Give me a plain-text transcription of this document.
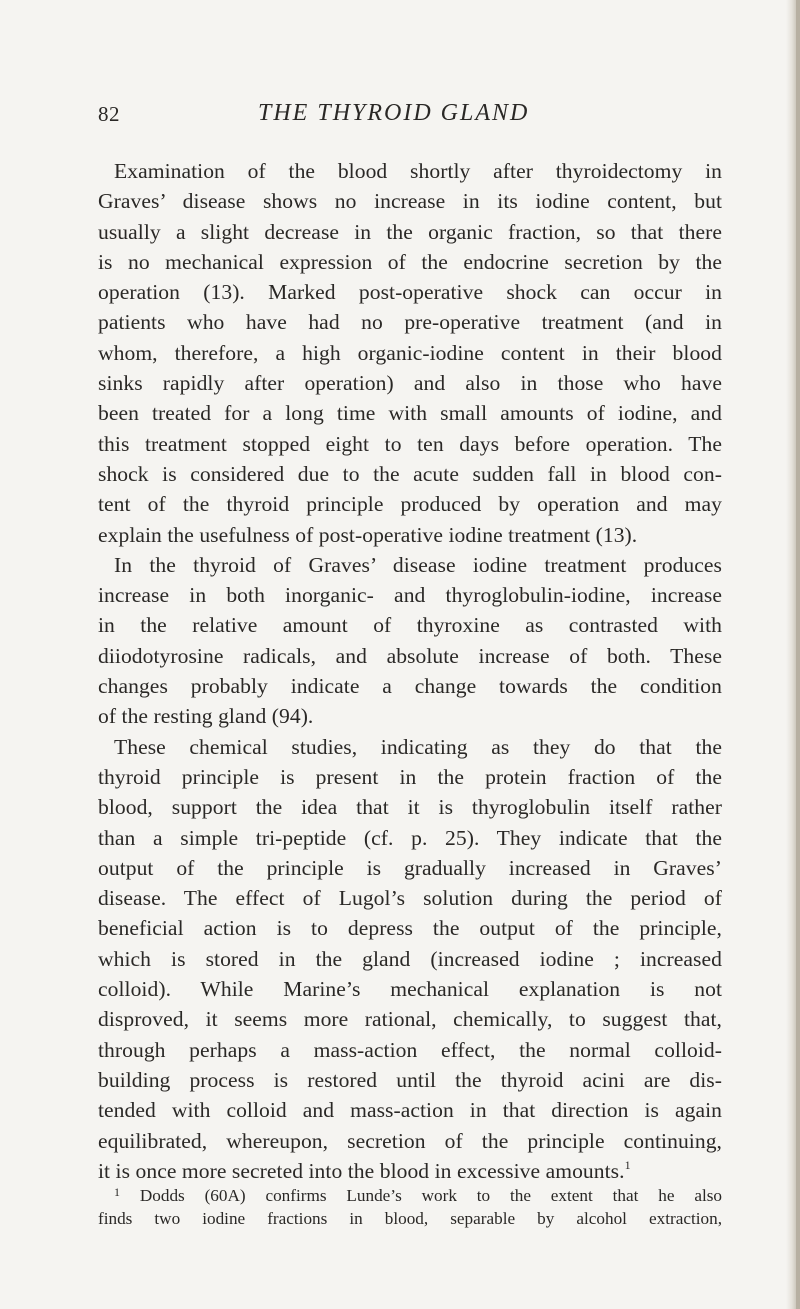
82	THE THYROID GLAND
Examination of the blood shortly after thyroidectomy in
Graves’ disease shows no increase in its iodine content, but
usually a slight decrease in the organic fraction, so that there
is no mechanical expression of the endocrine secretion by the
operation (13). Marked post-operative shock can occur in
patients who have had no pre-operative treatment (and in
whom, therefore, a high organic-iodine content in their blood
sinks rapidly after operation) and also in those who have
been treated for a long time with small amounts of iodine, and
this treatment stopped eight to ten days before operation. The
shock is considered due to the acute sudden fall in blood con-
tent of the thyroid principle produced by operation and may
explain the usefulness of post-operative iodine treatment (13).
In the thyroid of Graves’ disease iodine treatment produces
increase in both inorganic- and thyroglobulin-iodine, increase
in the relative amount of thyroxine as contrasted with
diiodotyrosine radicals, and absolute increase of both. These
changes probably indicate a change towards the condition
of the resting gland (94).
These chemical studies, indicating as they do that the
thyroid principle is present in the protein fraction of the
blood, support the idea that it is thyroglobulin itself rather
than a simple tri-peptide (cf. p. 25). They indicate that the
output of the principle is gradually increased in Graves’
disease. The effect of Lugol’s solution during the period of
beneficial action is to depress the output of the principle,
which is stored in the gland (increased iodine ; increased
colloid). While Marine’s mechanical explanation is not
disproved, it seems more rational, chemically, to suggest that,
through perhaps a mass-action effect, the normal colloid-
building process is restored until the thyroid acini are dis-
tended with colloid and mass-action in that direction is again
equilibrated, whereupon, secretion of the principle continuing,
it is once more secreted into the blood in excessive amounts.$^1$
$^1$ Dodds (60A) confirms Lunde’s work to the extent that he also
finds two iodine fractions in blood, separable by alcohol extraction,
